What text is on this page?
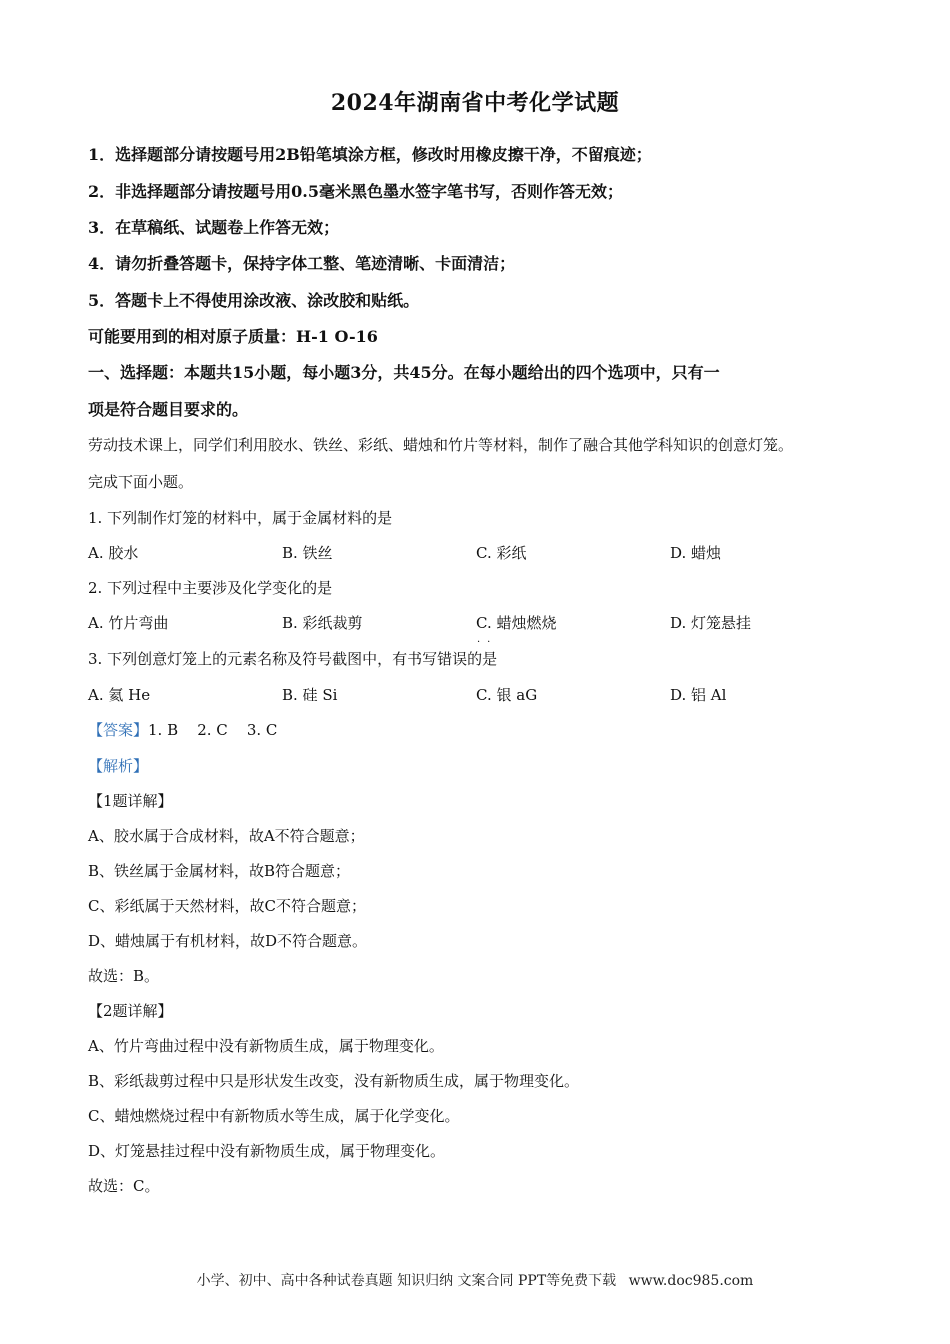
2024年湖南省中考化学试题
1．选择题部分请按题号用2B铅笔填涂方框，修改时用橡皮擦干净，不留痕迹；
2．非选择题部分请按题号用0.5毫米黑色墨水签字笔书写，否则作答无效；
3．在草稿纸、试题卷上作答无效；
4．请勿折叠答题卡，保持字体工整、笔迹清晰、卡面清洁；
5．答题卡上不得使用涂改液、涂改胶和贴纸。
可能要用到的相对原子质量：H-1 O-16
一、选择题：本题共15小题，每小题3分，共45分。在每小题给出的四个选项中，只有一
项是符合题目要求的。
劳动技术课上，同学们利用胶水、铁丝、彩纸、蜡烛和竹片等材料，制作了融合其他学科知识的创意灯笼。
完成下面小题。
1. 下列制作灯笼的材料中，属于金属材料的是
A. 胶水	B. 铁丝	C. 彩纸	D. 蜡烛
2. 下列过程中主要涉及化学变化的是
A. 竹片弯曲	B. 彩纸裁剪	C. 蜡烛燃烧	D. 灯笼悬挂
··
3. 下列创意灯笼上的元素名称及符号截图中，有书写错误的是
A. 氦 He	B. 硅 Si	C. 银 aG	D. 铝 Al
【答案】1. B    2. C    3. C
【解析】
【1题详解】
A、胶水属于合成材料，故A不符合题意；
B、铁丝属于金属材料，故B符合题意；
C、彩纸属于天然材料，故C不符合题意；
D、蜡烛属于有机材料，故D不符合题意。
故选：B。
【2题详解】
A、竹片弯曲过程中没有新物质生成，属于物理变化。
B、彩纸裁剪过程中只是形状发生改变，没有新物质生成，属于物理变化。
C、蜡烛燃烧过程中有新物质水等生成，属于化学变化。
D、灯笼悬挂过程中没有新物质生成，属于物理变化。
故选：C。
小学、初中、高中各种试卷真题 知识归纳 文案合同 PPT等免费下载 www.doc985.com
